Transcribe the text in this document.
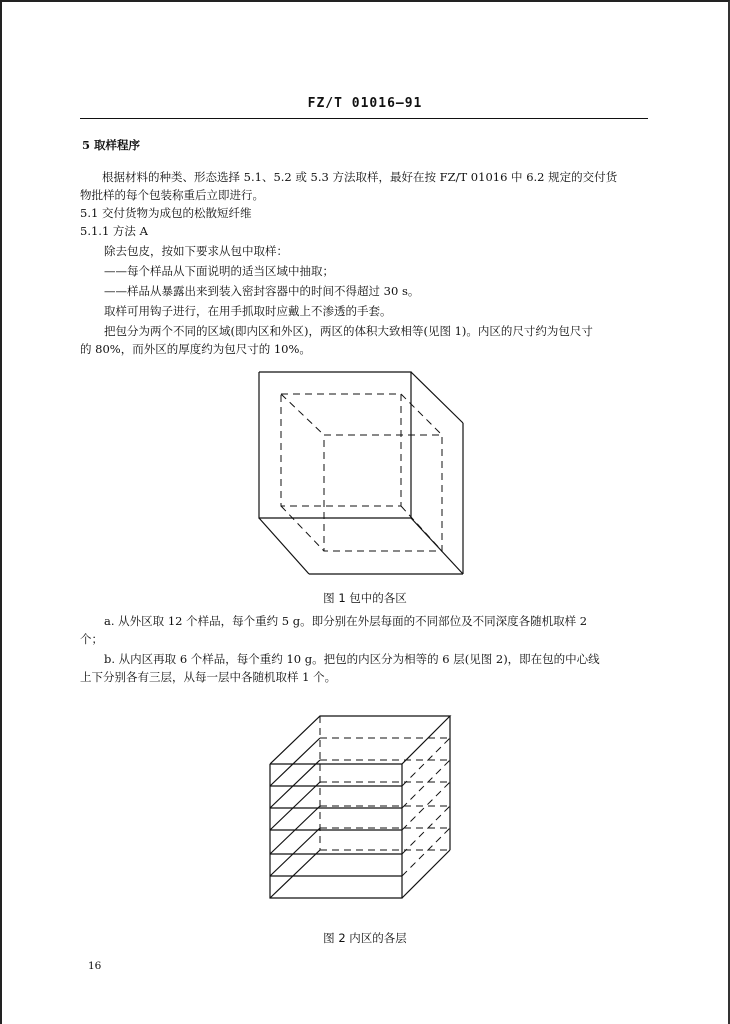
FZ/T 01016—91
5 取样程序
根据材料的种类、形态选择 5.1、5.2 或 5.3 方法取样，最好在按 FZ/T 01016 中 6.2 规定的交付货
物批样的每个包装称重后立即进行。
5.1 交付货物为成包的松散短纤维
5.1.1 方法 A
除去包皮，按如下要求从包中取样：
——每个样品从下面说明的适当区域中抽取；
——样品从暴露出来到装入密封容器中的时间不得超过 30 s。
取样可用钩子进行，在用手抓取时应戴上不渗透的手套。
把包分为两个不同的区域(即内区和外区)，两区的体积大致相等(见图 1)。内区的尺寸约为包尺寸
的 80%，而外区的厚度约为包尺寸的 10%。
图 1 包中的各区
a. 从外区取 12 个样品，每个重约 5 g。即分别在外层每面的不同部位及不同深度各随机取样 2
个；
b. 从内区再取 6 个样品，每个重约 10 g。把包的内区分为相等的 6 层(见图 2)，即在包的中心线
上下分别各有三层，从每一层中各随机取样 1 个。
图 2 内区的各层
16
